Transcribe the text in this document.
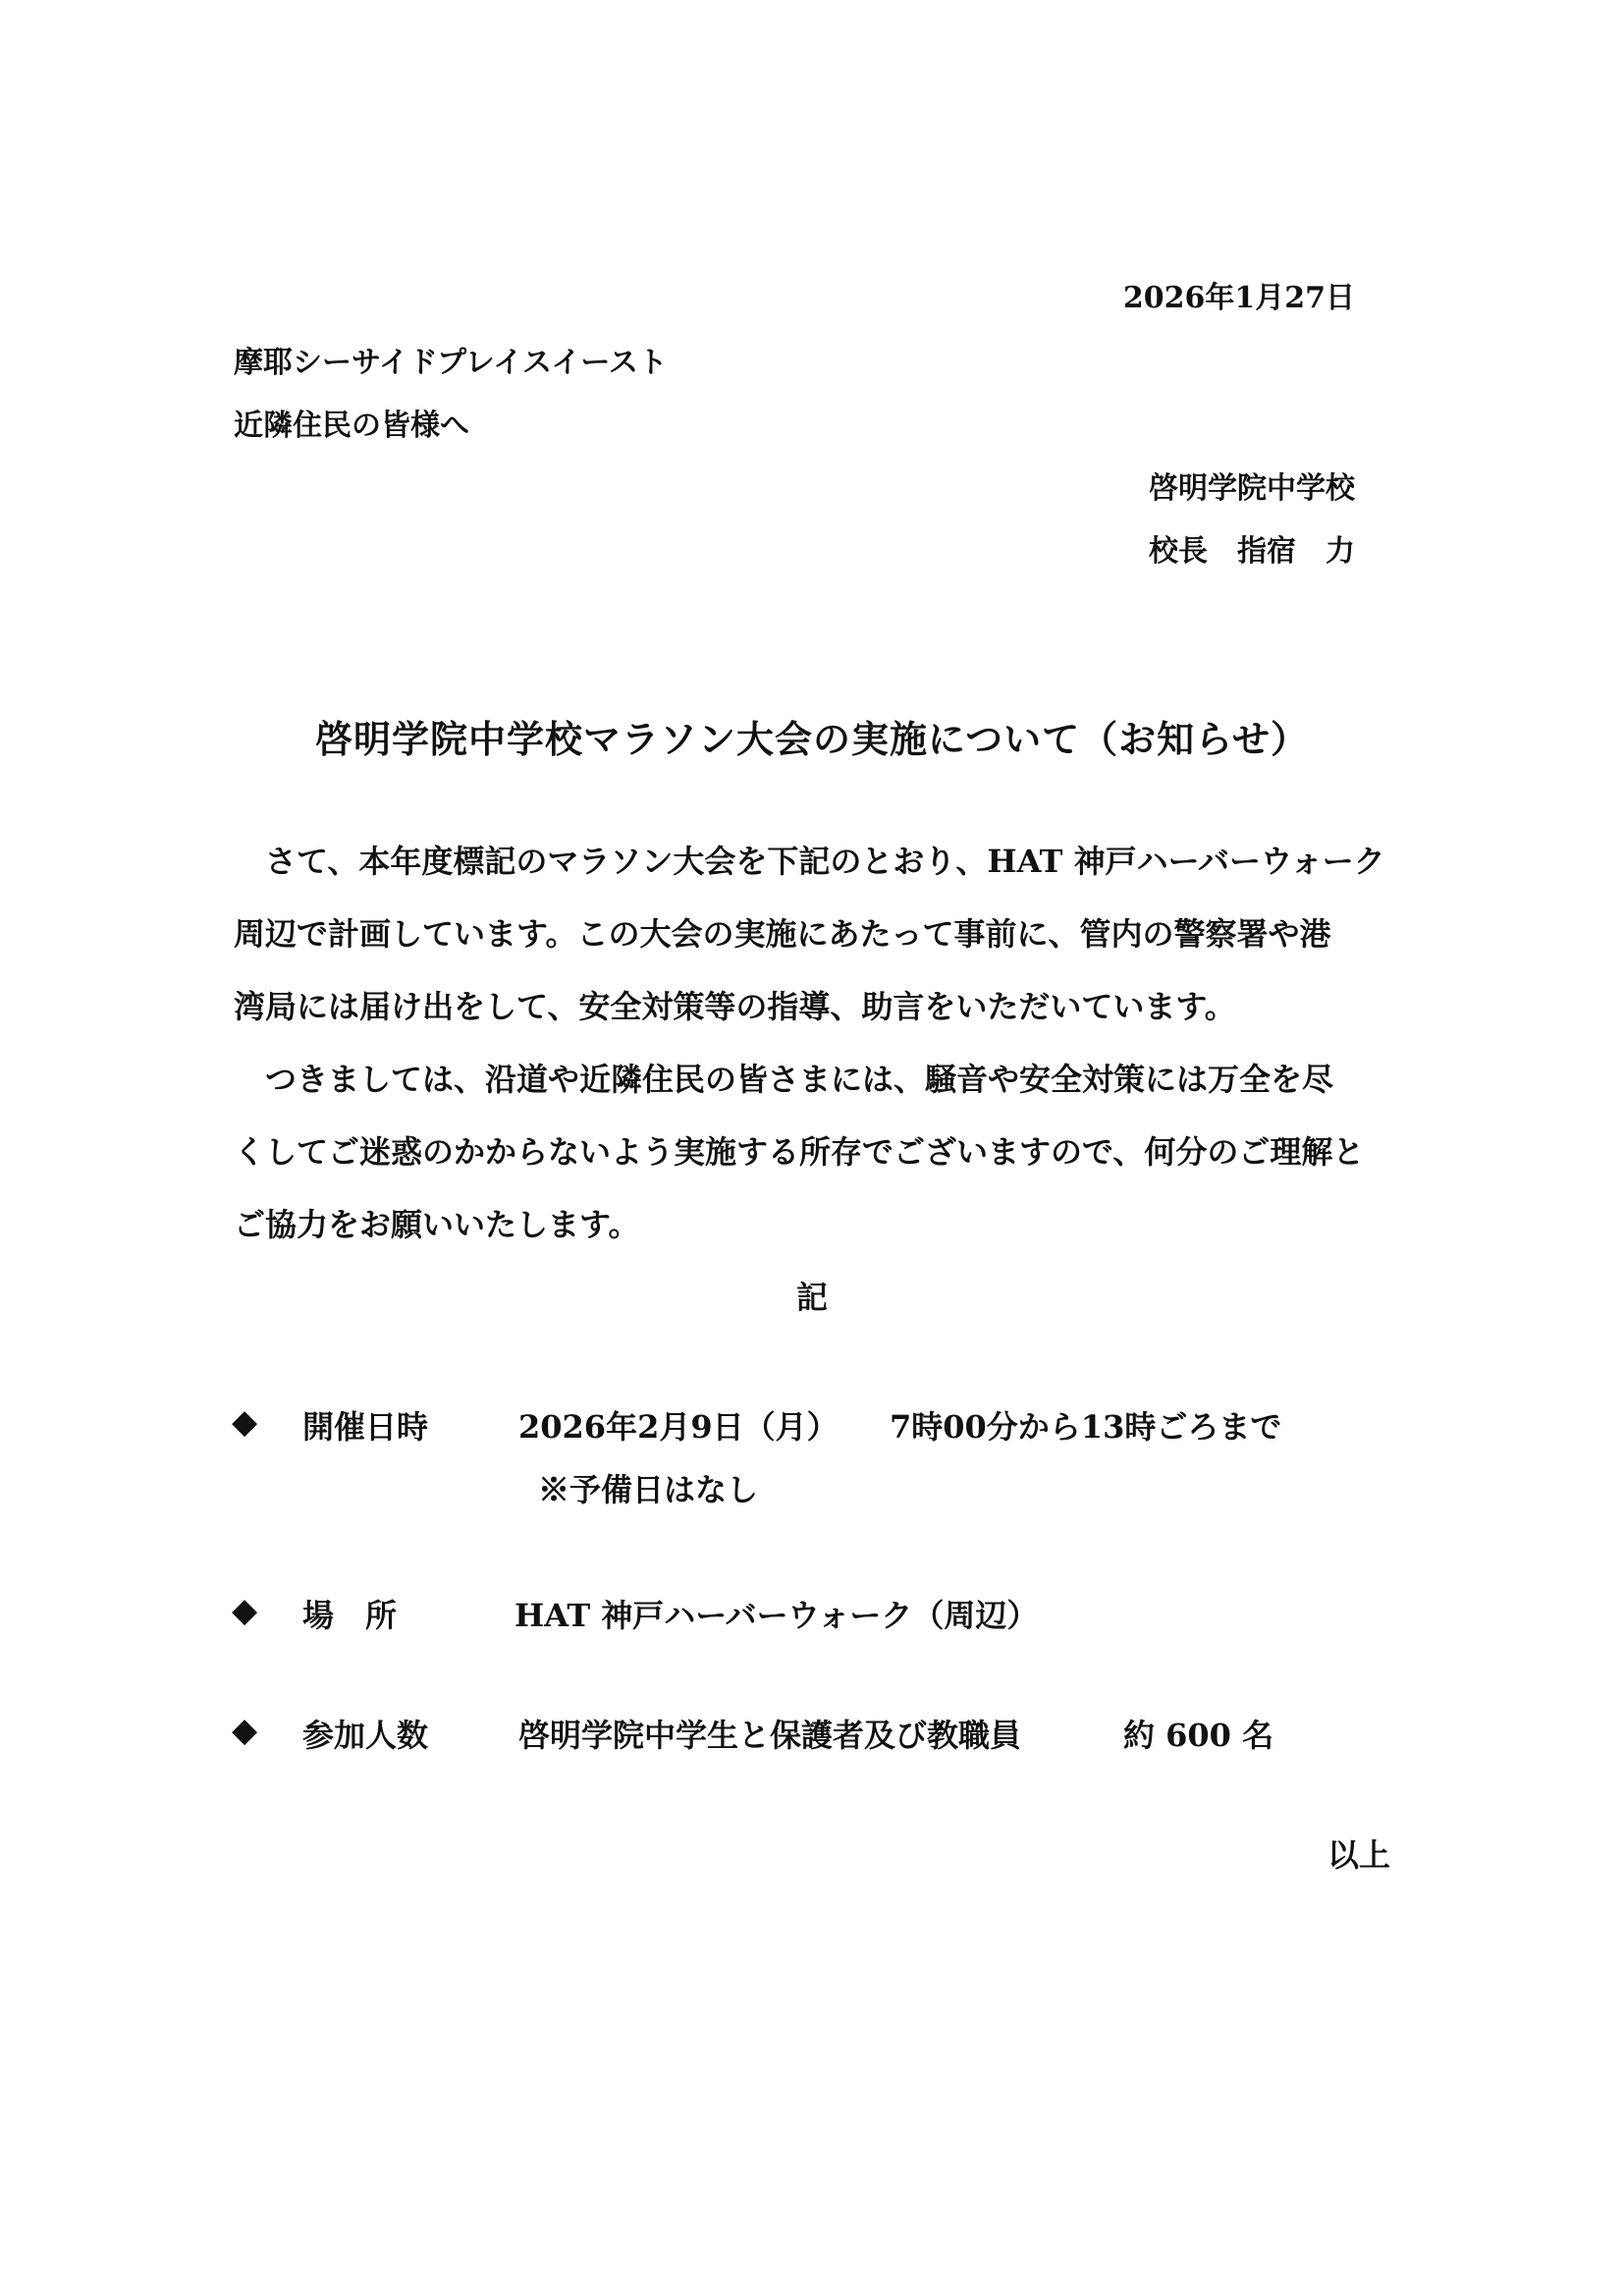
2026年1月27日
摩耶シーサイドプレイスイースト
近隣住民の皆様へ
啓明学院中学校
校長　指宿　力
啓明学院中学校マラソン大会の実施について（お知らせ）
さて、本年度標記のマラソン大会を下記のとおり、HAT 神戸ハーバーウォーク
周辺で計画しています。この大会の実施にあたって事前に、管内の警察署や港
湾局には届け出をして、安全対策等の指導、助言をいただいています。
つきましては、沿道や近隣住民の皆さまには、騒音や安全対策には万全を尽
くしてご迷惑のかからないよう実施する所存でございますので、何分のご理解と
ご協力をお願いいたします。
記
◆ 開催日時	2026年2月9日（月） 7時00分から13時ごろまで
※予備日はなし
◆ 場　所	HAT 神戸ハーバーウォーク（周辺）
◆ 参加人数	啓明学院中学生と保護者及び教職員	約 600 名
以上
